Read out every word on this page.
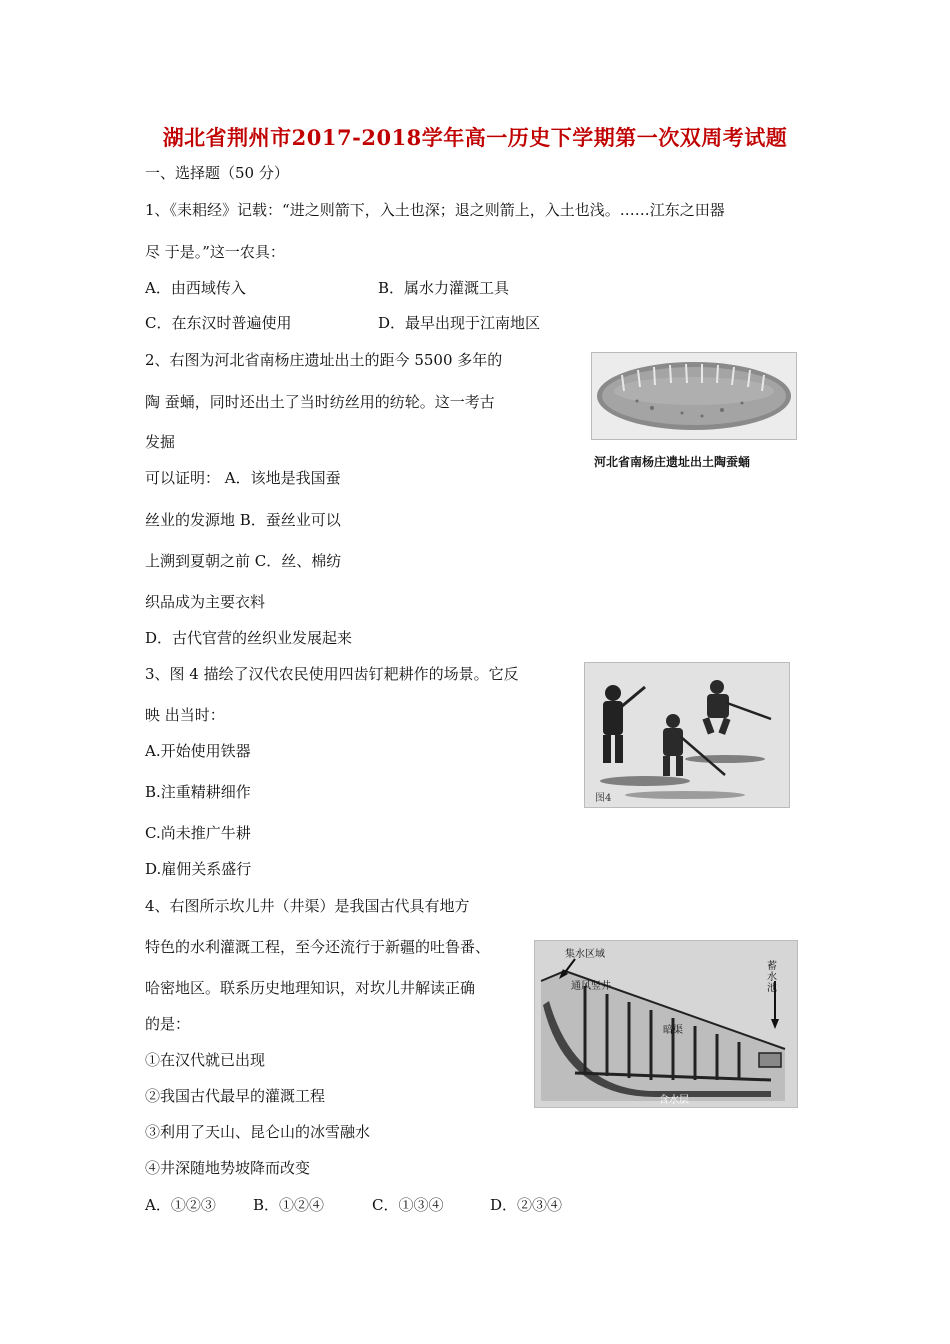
湖北省荆州市2017-2018学年高一历史下学期第一次双周考试题
一、选择题（50 分）
1、《耒耜经》记载：“进之则箭下，入土也深；退之则箭上，入土也浅。……江东之田器
尽 于是。”这一农具：
A．由西域传入	B．属水力灌溉工具
C．在东汉时普遍使用	D．最早出现于江南地区
2、右图为河北省南杨庄遗址出土的距今 5500 多年的
陶 蚕蛹，同时还出土了当时纺丝用的纺轮。这一考古
发掘
可以证明： A．该地是我国蚕
丝业的发源地 B．蚕丝业可以
上溯到夏朝之前 C．丝、棉纺
织品成为主要衣料
D．古代官营的丝织业发展起来
河北省南杨庄遗址出土陶蚕蛹
3、图 4 描绘了汉代农民使用四齿钉耙耕作的场景。它反
映 出当时：
A.开始使用铁器
B.注重精耕细作
C.尚未推广牛耕
D.雇佣关系盛行
图4
4、右图所示坎儿井（井渠）是我国古代具有地方
特色的水利灌溉工程，至今还流行于新疆的吐鲁番、
哈密地区。联系历史地理知识，对坎儿井解读正确
的是：
①在汉代就已出现
②我国古代最早的灌溉工程
③利用了天山、昆仑山的冰雪融水
④井深随地势坡降而改变
A．①②③ B．①②④	C．①③④	D．②③④
集水区域
通风竖井
暗渠
蓄水池
含水层
